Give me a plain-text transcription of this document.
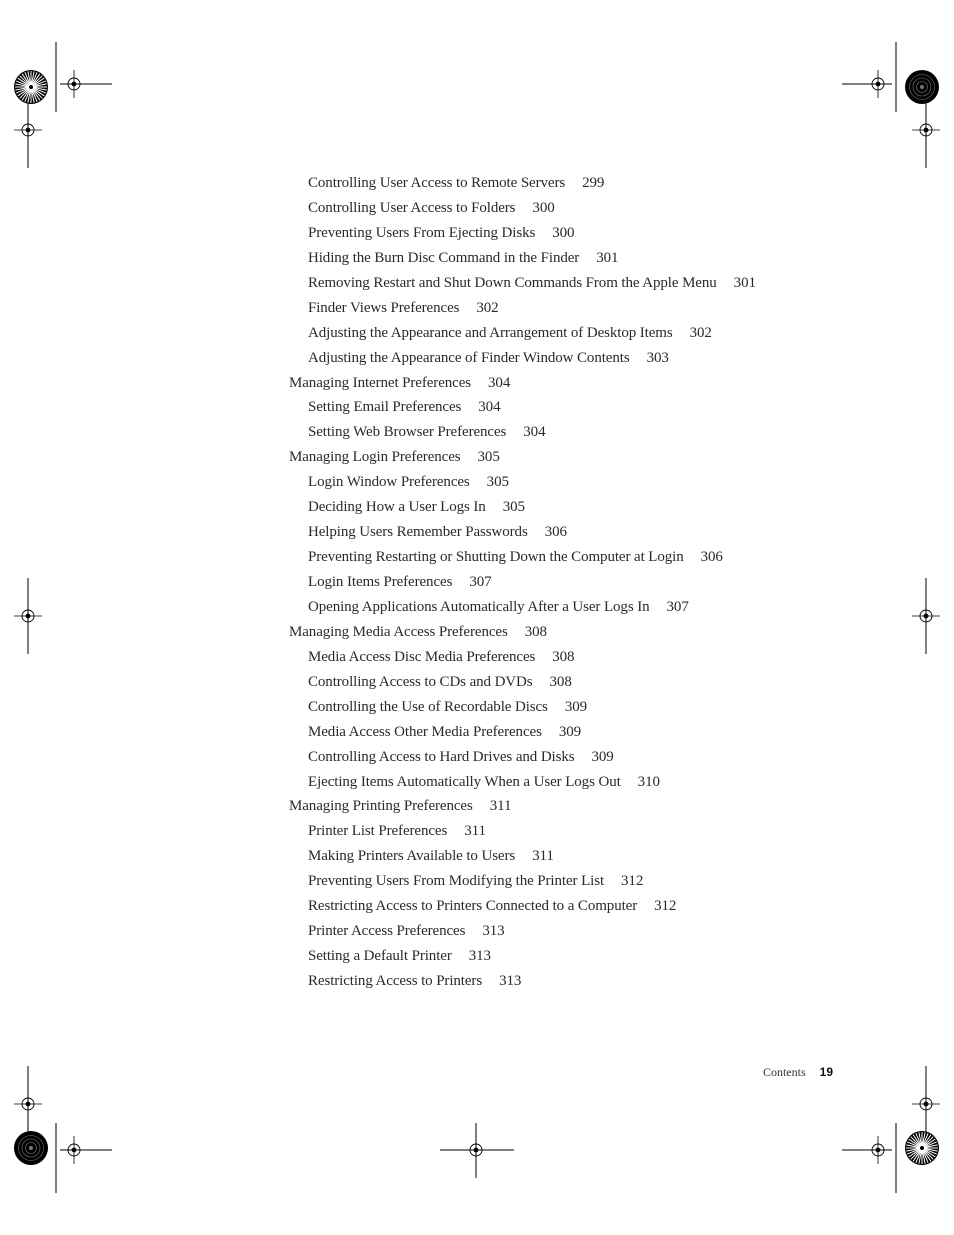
Controlling User Access to Remote Servers 299
Controlling User Access to Folders 300
Preventing Users From Ejecting Disks 300
Hiding the Burn Disc Command in the Finder 301
Removing Restart and Shut Down Commands From the Apple Menu 301
Finder Views Preferences 302
Adjusting the Appearance and Arrangement of Desktop Items 302
Adjusting the Appearance of Finder Window Contents 303
Managing Internet Preferences 304
Setting Email Preferences 304
Setting Web Browser Preferences 304
Managing Login Preferences 305
Login Window Preferences 305
Deciding How a User Logs In 305
Helping Users Remember Passwords 306
Preventing Restarting or Shutting Down the Computer at Login 306
Login Items Preferences 307
Opening Applications Automatically After a User Logs In 307
Managing Media Access Preferences 308
Media Access Disc Media Preferences 308
Controlling Access to CDs and DVDs 308
Controlling the Use of Recordable Discs 309
Media Access Other Media Preferences 309
Controlling Access to Hard Drives and Disks 309
Ejecting Items Automatically When a User Logs Out 310
Managing Printing Preferences 311
Printer List Preferences 311
Making Printers Available to Users 311
Preventing Users From Modifying the Printer List 312
Restricting Access to Printers Connected to a Computer 312
Printer Access Preferences 313
Setting a Default Printer 313
Restricting Access to Printers 313
Contents 19
